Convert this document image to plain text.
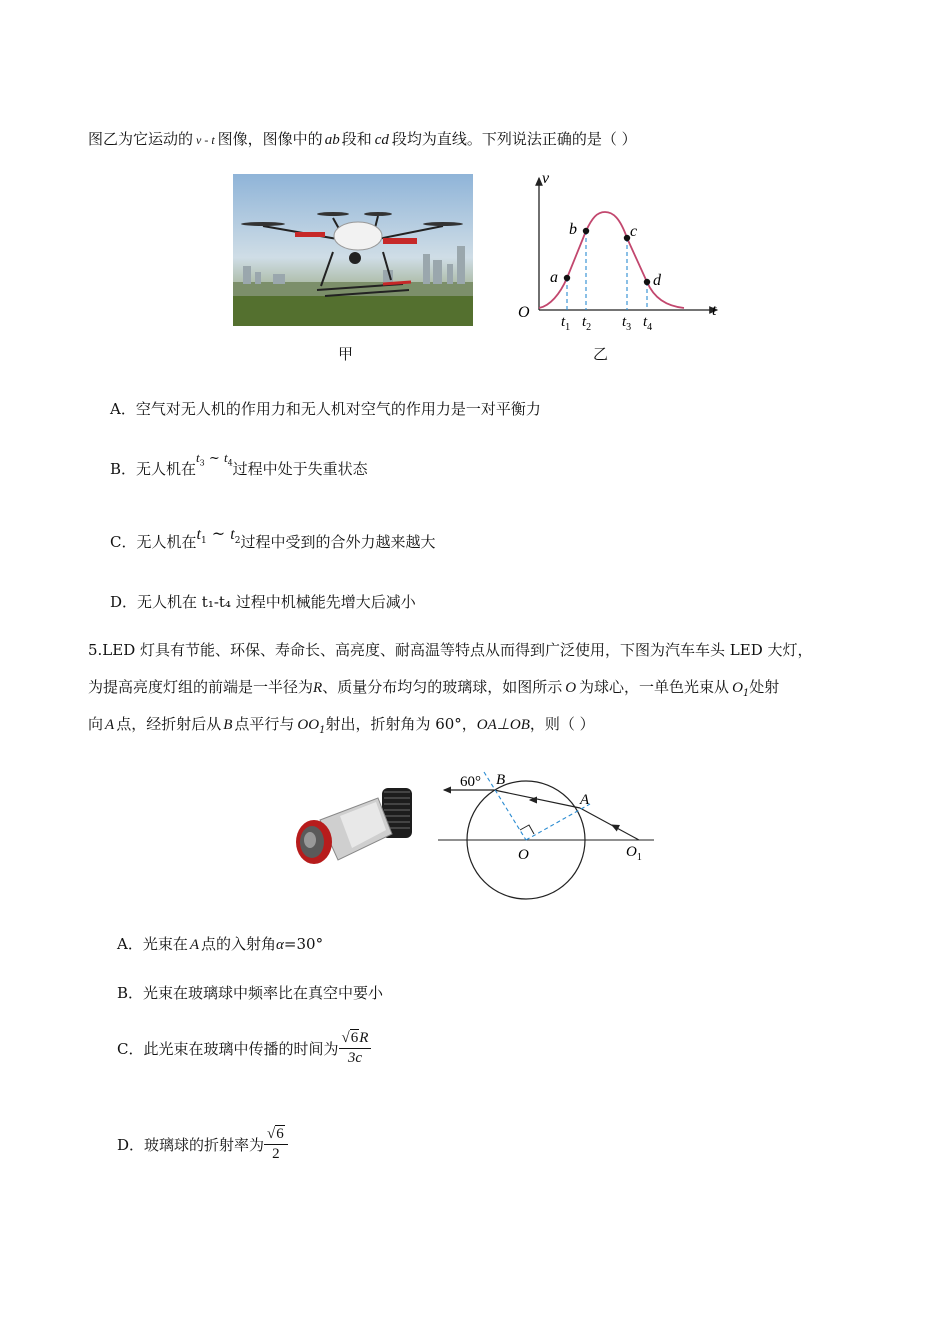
图乙为它运动的 v - t 图像，图像中的 ab 段和 cd 段均为直线。下列说法正确的是（ ）
v
t
O
a
b	c
d
$t_1$ $t_2$ $t_3$ $t_4$
甲	乙
A．空气对无人机的作用力和无人机对空气的作用力是一对平衡力
B．无人机在$t_3$ ~ $t_4$过程中处于失重状态
C．无人机在$t_1$ ~ $t_2$过程中受到的合外力越来越大
D．无人机在 t₁-t₄ 过程中机械能先增大后减小
5.LED 灯具有节能、环保、寿命长、高亮度、耐高温等特点从而得到广泛使用，下图为汽车车头 LED 大灯，
为提高亮度灯组的前端是一半径为R、质量分布均匀的玻璃球，如图所示 O 为球心，一单色光束从 $O_1$处射
向 A 点，经折射后从 B 点平行与 $OO_1$射出，折射角为 60°，OA⊥OB，则（ ）
60° B
A
O	$O_1$
A．光束在 A 点的入射角α=30°
B．光束在玻璃球中频率比在真空中要小
C．此光束在玻璃中传播的时间为 $\frac{√6R}{3c}$
D．玻璃球的折射率为 $\frac{√6}{2}$
